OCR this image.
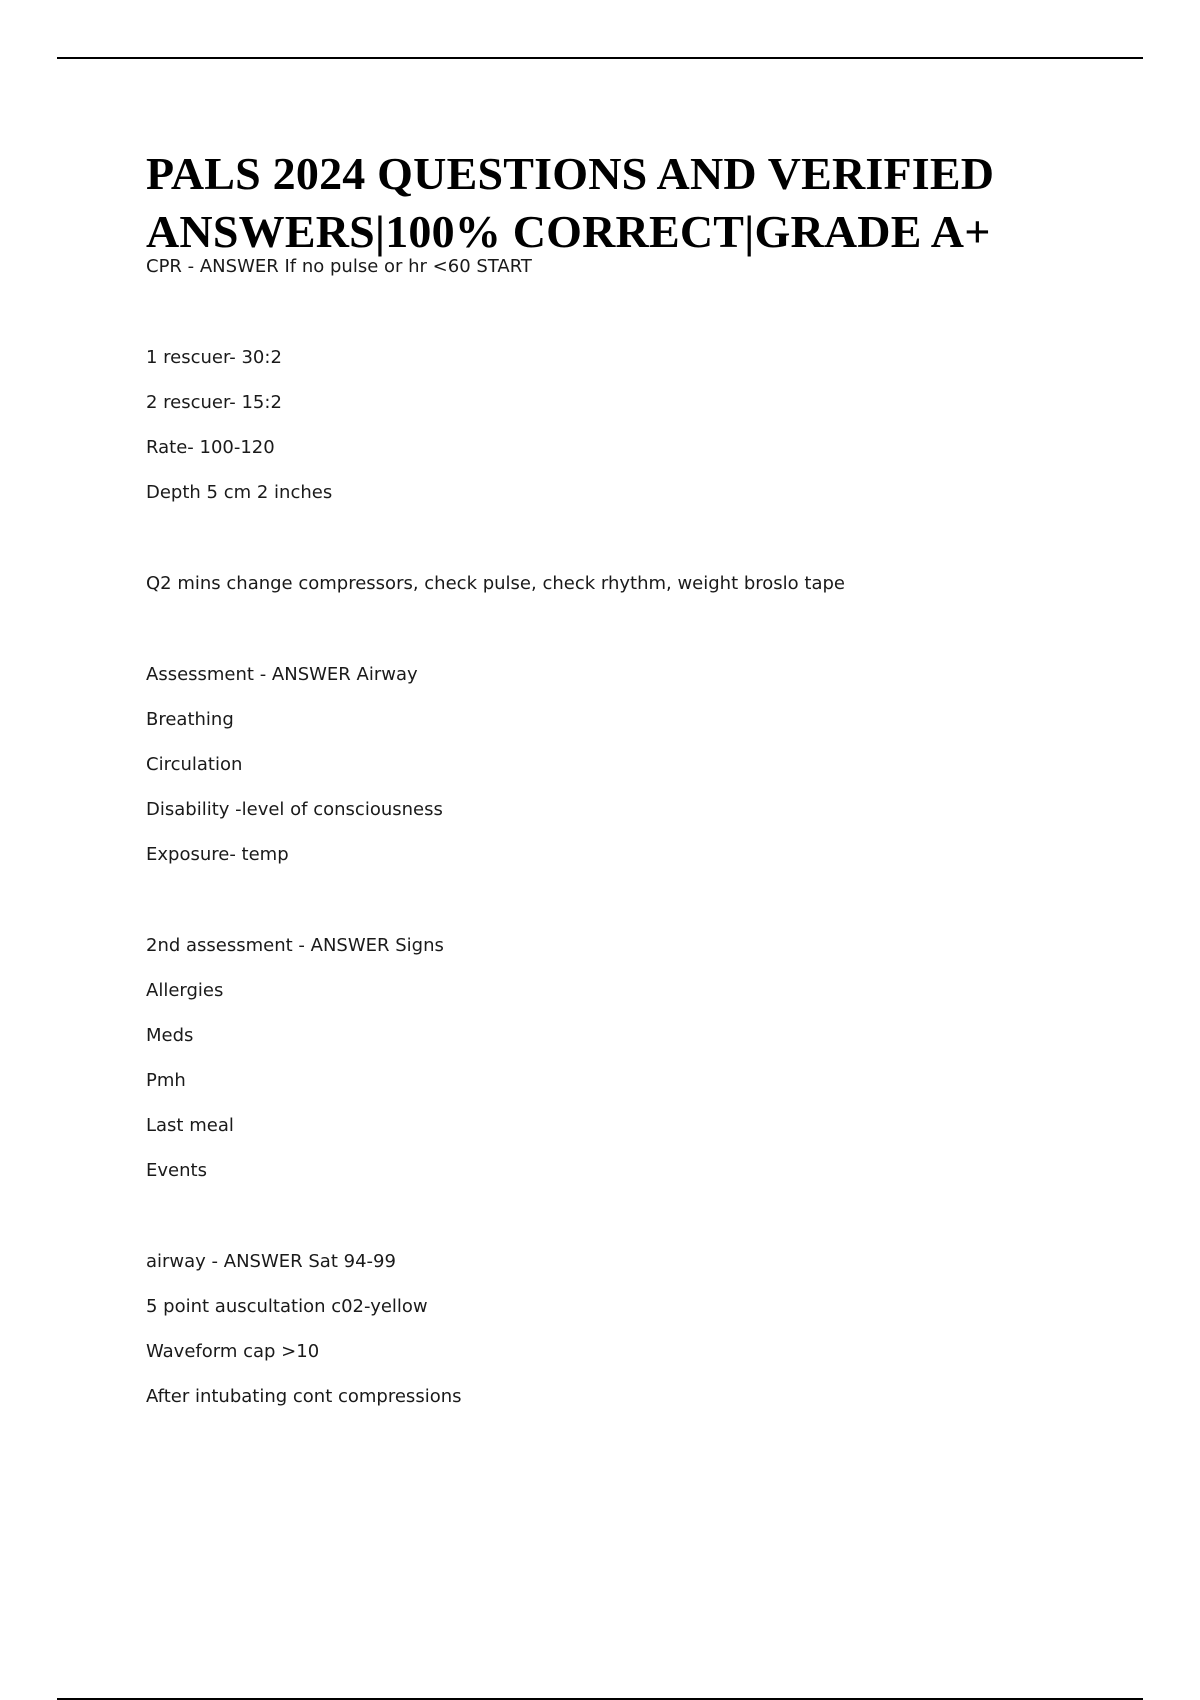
PALS 2024 QUESTIONS AND VERIFIED
ANSWERS|100% CORRECT|GRADE A+
CPR - ANSWER If no pulse or hr <60 START
1 rescuer- 30:2
2 rescuer- 15:2
Rate- 100-120
Depth 5 cm 2 inches
Q2 mins change compressors, check pulse, check rhythm, weight broslo tape
Assessment - ANSWER Airway
Breathing
Circulation
Disability -level of consciousness
Exposure- temp
2nd assessment - ANSWER Signs
Allergies
Meds
Pmh
Last meal
Events
airway - ANSWER Sat 94-99
5 point auscultation c02-yellow
Waveform cap >10
After intubating cont compressions
